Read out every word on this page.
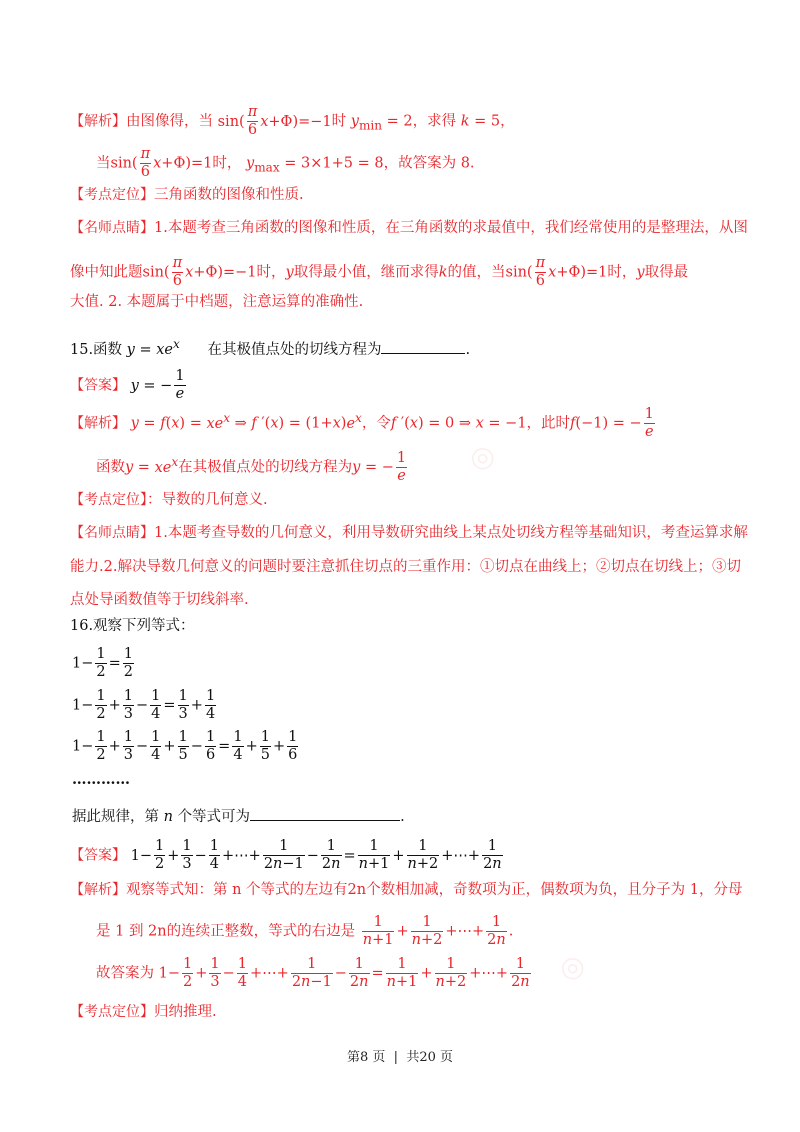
◎
◎
【解析】由图像得，当 $\sin( \frac{\pi}{6} x+\Phi)=-1$时 $y_{min} = 2$，求得 k = 5，
当$\sin( \frac{\pi}{6} x+\Phi)=1$时， $y_{max} = 3\times 1+5 = 8$，故答案为 8.
【考点定位】三角函数的图像和性质.
【名师点睛】1.本题考查三角函数的图像和性质，在三角函数的求最值中，我们经常使用的是整理法，从图
像中知此题$\sin( \frac{\pi}{6} x+\Phi)=-1$时，y取得最小值，继而求得k的值，当$\sin( \frac{\pi}{6} x+\Phi)=1$时，y取得最
大值. 2. 本题属于中档题，注意运算的准确性.
15.函数 $y = xe^x$ 在其极值点处的切线方程为	.
【答案】 y = − $\frac{1}{e}$
【解析】 $y = f(x) = xe^x$ ⇒ f $'(x) = (1+x)e^x$，令f ′(x) = 0 ⇒ x = −1，此时f(−1) = − $\frac{1}{e}$
函数$y = xe^x$在其极值点处的切线方程为y = − $\frac{1}{e}$
【考点定位】：导数的几何意义.
【名师点睛】1.本题考查导数的几何意义，利用导数研究曲线上某点处切线方程等基础知识，考查运算求解
能力.2.解决导数几何意义的问题时要注意抓住切点的三重作用：①切点在曲线上；②切点在切线上；③切
点处导函数值等于切线斜率.
16.观察下列等式：
$1- \frac{1}{2} = \frac{1}{2}$
$1- \frac{1}{2} + \frac{1}{3} - \frac{1}{4} = \frac{1}{3} + \frac{1}{4}$
$1- \frac{1}{2} + \frac{1}{3} - \frac{1}{4} + \frac{1}{5} - \frac{1}{6} = \frac{1}{4} + \frac{1}{5} + \frac{1}{6}$
…………
据此规律，第 n 个等式可为	.
【答案】 $1- \frac{1}{2} + \frac{1}{3} - \frac{1}{4}$ +⋯+ $\frac{1}{2n-1} - \frac{1}{2n} = \frac{1}{n+1} + \frac{1}{n+2}$ +⋯+ $\frac{1}{2n}$
【解析】观察等式知：第 n 个等式的左边有2n个数相加减，奇数项为正，偶数项为负，且分子为 1，分母
是 1 到 2n的连续正整数，等式的右边是 $\frac{1}{n+1} + \frac{1}{n+2}$ +⋯+ $\frac{1}{2n}$ .
故答案为 $1- \frac{1}{2} + \frac{1}{3} - \frac{1}{4}$ +⋯+ $\frac{1}{2n-1} - \frac{1}{2n} = \frac{1}{n+1} + \frac{1}{n+2}$ +⋯+ $\frac{1}{2n}$
【考点定位】归纳推理.
第8 页 | 共20 页
